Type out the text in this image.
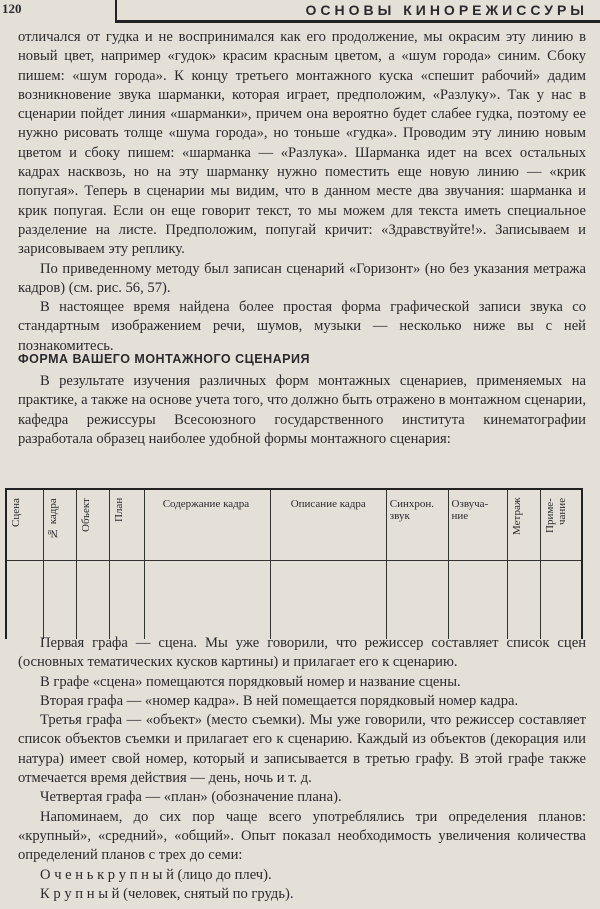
120	ОСНОВЫ КИНОРЕЖИССУРЫ

отличался от гудка и не воспринимался как его продолжение, мы окрасим эту линию в новый цвет, например «гудок» красим красным цветом, а «шум города» синим. Сбоку пишем: «шум города». К концу третьего монтажного куска «спешит рабочий» дадим возникновение звука шарманки, которая играет, предположим, «Разлуку». Так у нас в сценарии пойдет линия «шарманки», причем она вероятно будет слабее гудка, поэтому ее нужно рисовать толще «шума города», но тоньше «гудка». Проводим эту линию новым цветом и сбоку пишем: «шарманка — «Разлука». Шарманка идет на всех остальных кадрах насквозь, но на эту шарманку нужно поместить еще новую линию — «крик попугая». Теперь в сценарии мы видим, что в данном месте два звучания: шарманка и крик попугая. Если он еще говорит текст, то мы можем для текста иметь специальное разделение на листе. Предположим, попугай кричит: «Здравствуйте!». Записываем и зарисовываем эту реплику.

По приведенному методу был записан сценарий «Горизонт» (но без указания метража кадров) (см. рис. 56, 57).

В настоящее время найдена более простая форма графической записи звука со стандартным изображением речи, шумов, музыки — несколько ниже вы с ней познакомитесь.

ФОРМА ВАШЕГО МОНТАЖНОГО СЦЕНАРИЯ

В результате изучения различных форм монтажных сценариев, применяемых на практике, а также на основе учета того, что должно быть отражено в монтажном сценарии, кафедра режиссуры Всесоюзного государственного института кинематографии разработала образец наиболее удобной формы монтажного сценария:

Сцена	№ кадра	Объект	План	Содержание кадра	Описание кадра	Синхрон. звук	Озвуча-ние	Метраж	Приме-чание

Первая графа — сцена. Мы уже говорили, что режиссер составляет список сцен (основных тематических кусков картины) и прилагает его к сценарию.

В графе «сцена» помещаются порядковый номер и название сцены.

Вторая графа — «номер кадра». В ней помещается порядковый номер кадра.

Третья графа — «объект» (место съемки). Мы уже говорили, что режиссер составляет список объектов съемки и прилагает его к сценарию. Каждый из объектов (декорация или натура) имеет свой номер, который и записывается в третью графу. В этой графе также отмечается время действия — день, ночь и т. д.

Четвертая графа — «план» (обозначение плана).

Напоминаем, до сих пор чаще всего употреблялись три определения планов: «крупный», «средний», «общий». Опыт показал необходимость увеличения количества определений планов с трех до семи:

О ч е н ь к р у п н ы й (лицо до плеч).

К р у п н ы й (человек, снятый по грудь).
